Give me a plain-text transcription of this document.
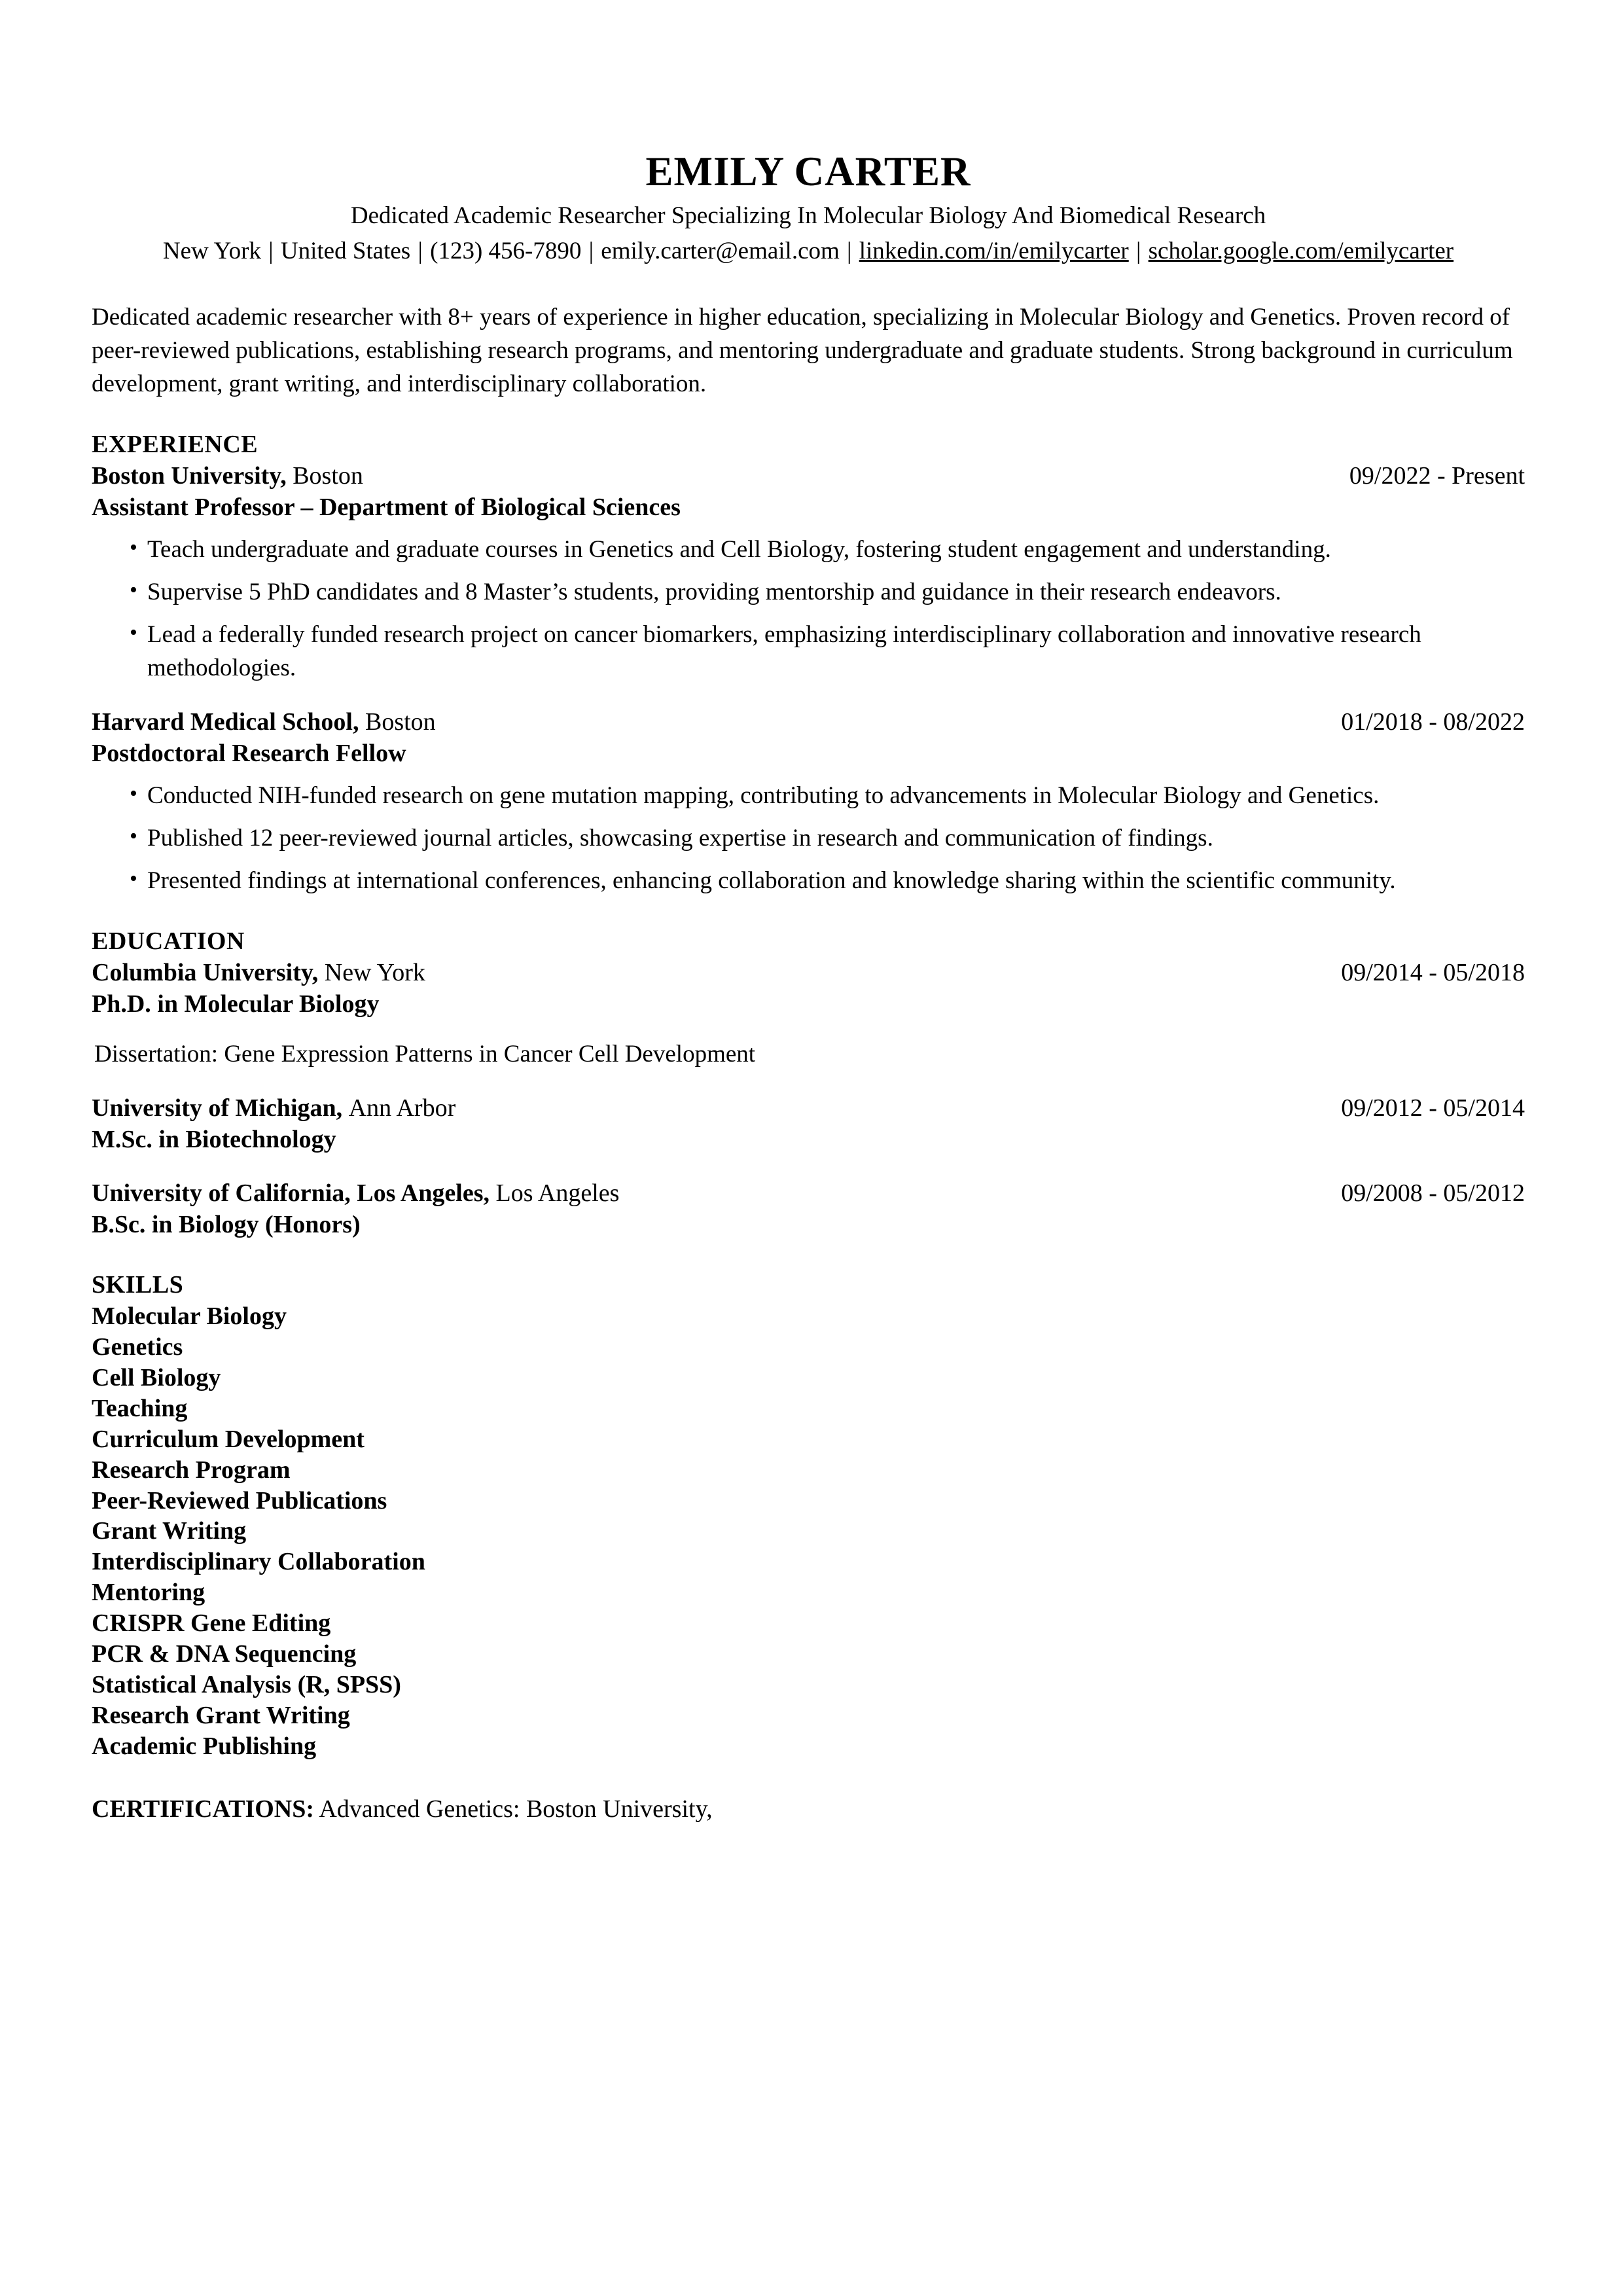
EMILY CARTER
Dedicated Academic Researcher Specializing In Molecular Biology And Biomedical Research
New York | United States | (123) 456-7890 | emily.carter@email.com | linkedin.com/in/emilycarter | scholar.google.com/emilycarter
Dedicated academic researcher with 8+ years of experience in higher education, specializing in Molecular Biology and Genetics. Proven record of peer-reviewed publications, establishing research programs, and mentoring undergraduate and graduate students. Strong background in curriculum development, grant writing, and interdisciplinary collaboration.
EXPERIENCE
Boston University, Boston	09/2022 - Present
Assistant Professor – Department of Biological Sciences
• Teach undergraduate and graduate courses in Genetics and Cell Biology, fostering student engagement and understanding.
• Supervise 5 PhD candidates and 8 Master’s students, providing mentorship and guidance in their research endeavors.
• Lead a federally funded research project on cancer biomarkers, emphasizing interdisciplinary collaboration and innovative research methodologies.
Harvard Medical School, Boston	01/2018 - 08/2022
Postdoctoral Research Fellow
• Conducted NIH-funded research on gene mutation mapping, contributing to advancements in Molecular Biology and Genetics.
• Published 12 peer-reviewed journal articles, showcasing expertise in research and communication of findings.
• Presented findings at international conferences, enhancing collaboration and knowledge sharing within the scientific community.
EDUCATION
Columbia University, New York	09/2014 - 05/2018
Ph.D. in Molecular Biology
Dissertation: Gene Expression Patterns in Cancer Cell Development
University of Michigan, Ann Arbor	09/2012 - 05/2014
M.Sc. in Biotechnology
University of California, Los Angeles, Los Angeles	09/2008 - 05/2012
B.Sc. in Biology (Honors)
SKILLS
Molecular Biology
Genetics
Cell Biology
Teaching
Curriculum Development
Research Program
Peer-Reviewed Publications
Grant Writing
Interdisciplinary Collaboration
Mentoring
CRISPR Gene Editing
PCR & DNA Sequencing
Statistical Analysis (R, SPSS)
Research Grant Writing
Academic Publishing
CERTIFICATIONS: Advanced Genetics: Boston University,
